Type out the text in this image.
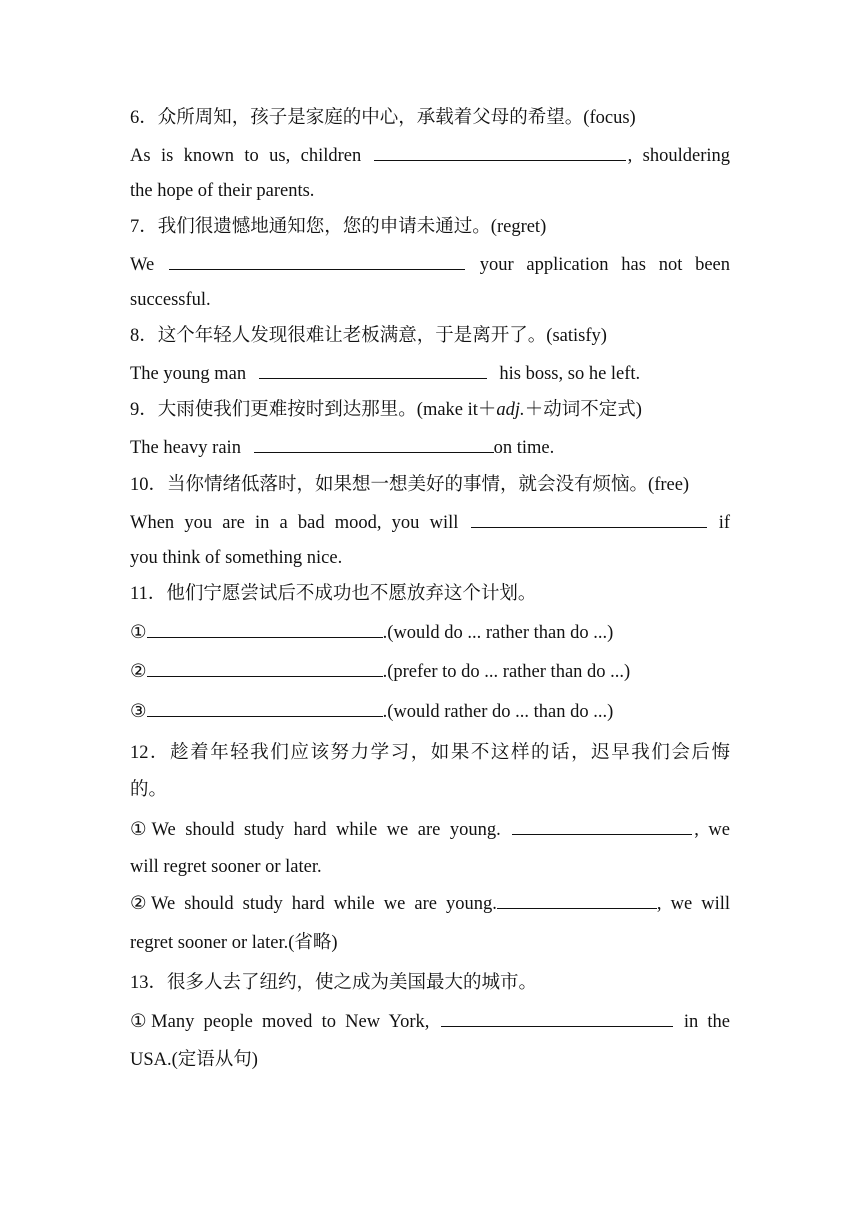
6．众所周知，孩子是家庭的中心，承载着父母的希望。(focus)
As is known to us, children	, shouldering
the hope of their parents.
7．我们很遗憾地通知您，您的申请未通过。(regret)
We	your application has not been
successful.
8．这个年轻人发现很难让老板满意，于是离开了。(satisfy)
The young man	his boss, so he left.
9．大雨使我们更难按时到达那里。(make it＋adj.＋动词不定式)
The heavy rain	on time.
10．当你情绪低落时，如果想一想美好的事情，就会没有烦恼。(free)
When you are in a bad mood, you will	if
you think of something nice.
11．他们宁愿尝试后不成功也不愿放弃这个计划。
①	.(would do ... rather than do ...)
②	.(prefer to do ... rather than do ...)
③	.(would rather do ... than do ...)
12．趁着年轻我们应该努力学习，如果不这样的话，迟早我们会后悔
的。
①We should study hard while we are young.	, we
will regret sooner or later.
②We should study hard while we are young.	, we will
regret sooner or later.(省略)
13．很多人去了纽约，使之成为美国最大的城市。
①Many people moved to New York,	in the
USA.(定语从句)
